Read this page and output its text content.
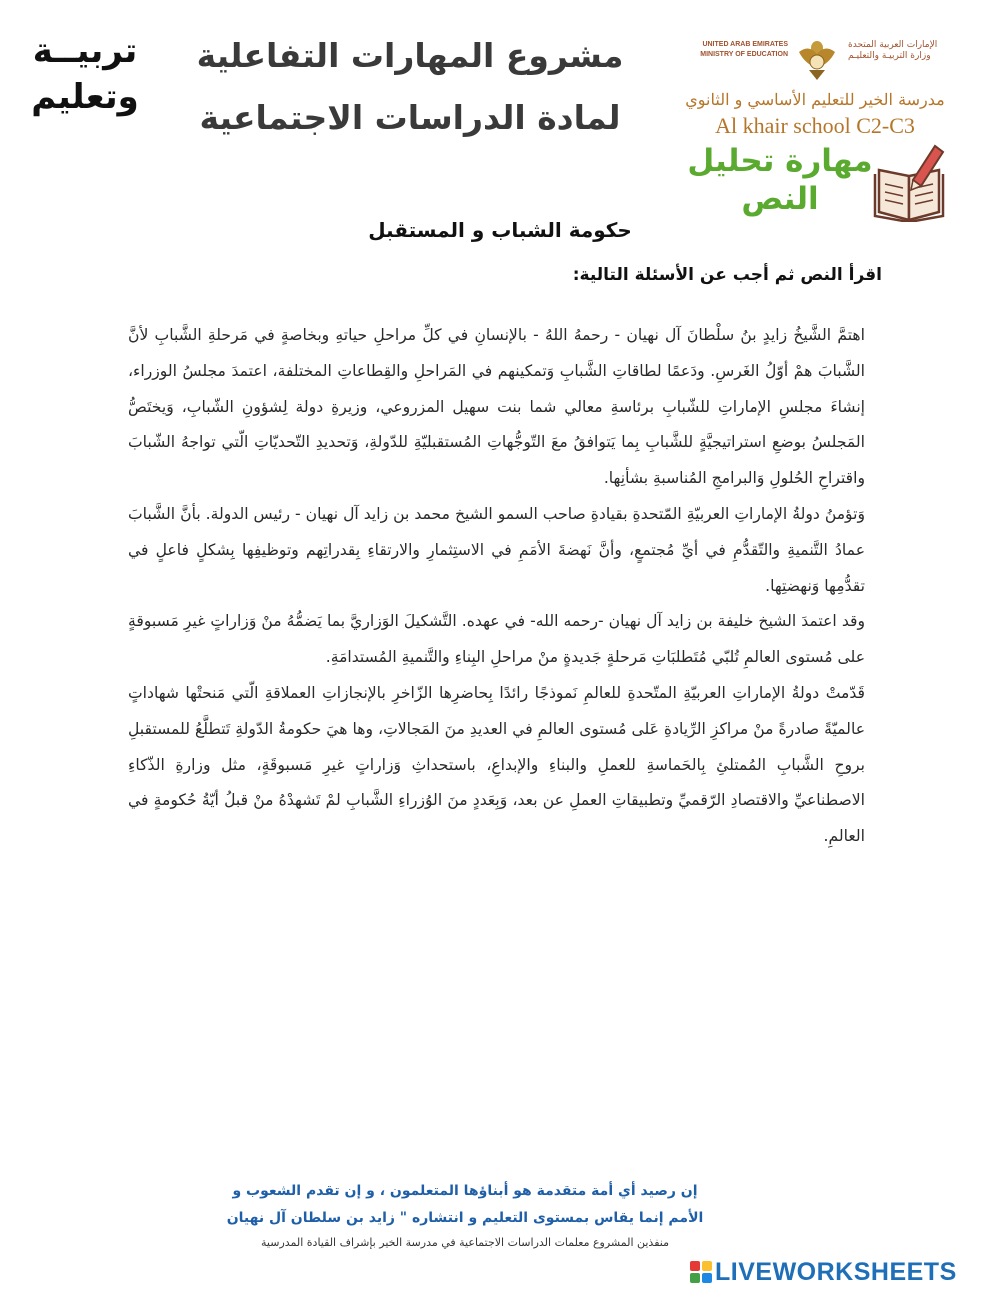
تربيــة
وتعليم
مشروع المهارات التفاعلية
لمادة الدراسات الاجتماعية
UNITED ARAB EMIRATES
MINISTRY OF EDUCATION
الإمارات العربية المتحدة
وزارة التربيـة والتعليـم
مدرسة الخير للتعليم الأساسي و الثانوي
Al khair school C2-C3
مهارة تحليل
النص
حكومة الشباب و المستقبل
اقرأ النص ثم أجب عن الأسئلة التالية:

اهتمَّ الشَّيخُ زايدٍ بنُ سلْطانَ آل نهيان - رحمهُ اللهُ - بالإنسانِ في كلِّ مراحلِ حياتهِ وبخاصةٍ في مَرحلةِ الشَّبابِ لأنَّ الشَّبابَ همْ أوّلُ الغَرسِ. ودَعمًا لطاقاتِ الشَّبابِ وَتمكينهم في المَراحلِ والقِطاعاتِ المختلفة، اعتمدَ مجلسُ الوزراء، إنشاءَ مجلسِ الإماراتِ للشّبابِ برئاسةِ معالي شما بنت سهيل المزروعي، وزيرةِ دولة لِشؤونِ الشّبابِ، وَيختَصُّ المَجلسُ بوضعِ استراتيجيَّةٍ للشَّبابِ بِما يَتوافقُ معَ التّوجُّهاتِ المُستقبليّةِ للدّولةِ، وَتحديدِ التّحديّاتِ الّتي تواجهُ الشّبابَ واقتراحِ الحُلولِ وَالبرامجِ المُناسبةِ بشأنِها.

وَتؤمنُ دولةُ الإماراتِ العربيّةِ المّتحدةِ بقيادةِ صاحب السمو الشيخ محمد بن زايد آل نهيان - رئيس الدولة. بأنَّ الشَّبابَ عمادُ التَّنميةِ والتّقدُّمِ في أيِّ مُجتمعٍ، وأنَّ نَهضةَ الأمَمِ في الاستِثمارِ والارتقاءِ بِقدراتِهم وتوظيفِها بِشكلٍ فاعلٍ في تقدُّمِها وَنهضتِها.

وقد اعتمدَ الشيخ خليفة بن زايد آل نهيان -رحمه الله- في عهده. التَّشكيلَ الوَزاريَّ بما يَضمُّهُ منْ وَزاراتٍ غيرِ مَسبوقةٍ على مُستوى العالمِ تُلبّي مُتَطلبَاتِ مَرحلةٍ جَديدةٍ منْ مراحلِ البِناءِ والتَّنميةِ المُستدامَةِ.

قَدّمتْ دولةُ الإماراتِ العربيّةِ المتّحدةِ للعالمِ نَموذجًا رائدًا بِحاضرِها الزّاخرِ بالإنجازاتِ العملاقةِ الّتي مَنحتْها شهاداتٍ عالميّةً صادرةً منْ مراكزِ الرِّيادةِ عَلى مُستوى العالمِ في العديدِ منَ المَجالاتِ، وها هيَ حكومةُ الدّولةِ تَتطلَّعُ للمستقبلِ بروحِ الشَّبابِ المُمتلئِ بِالحَماسةِ للعملِ والبناءِ والإبداعِ، باستحداثِ وَزاراتٍ غيرِ مَسبوقَةٍ، مثل وزارةِ الذّكاءِ الاصطناعيِّ والاقتصادِ الرّقميِّ وتطبيقاتِ العملِ عن بعد، وَبِعَددٍ منَ الوُزراءِ الشَّبابِ لمْ تَشهدْهُ منْ قبلُ أيّةُ حُكومةٍ في العالمِ.

إن رصيد أي أمة متقدمة هو أبناؤها المتعلمون ، و إن تقدم الشعوب و
الأمم إنما يقاس بمستوى التعليم و انتشاره " زايد بن سلطان آل نهيان
منفذين المشروع معلمات الدراسات الاجتماعية في مدرسة الخير بإشراف القيادة المدرسية
LIVEWORKSHEETS
